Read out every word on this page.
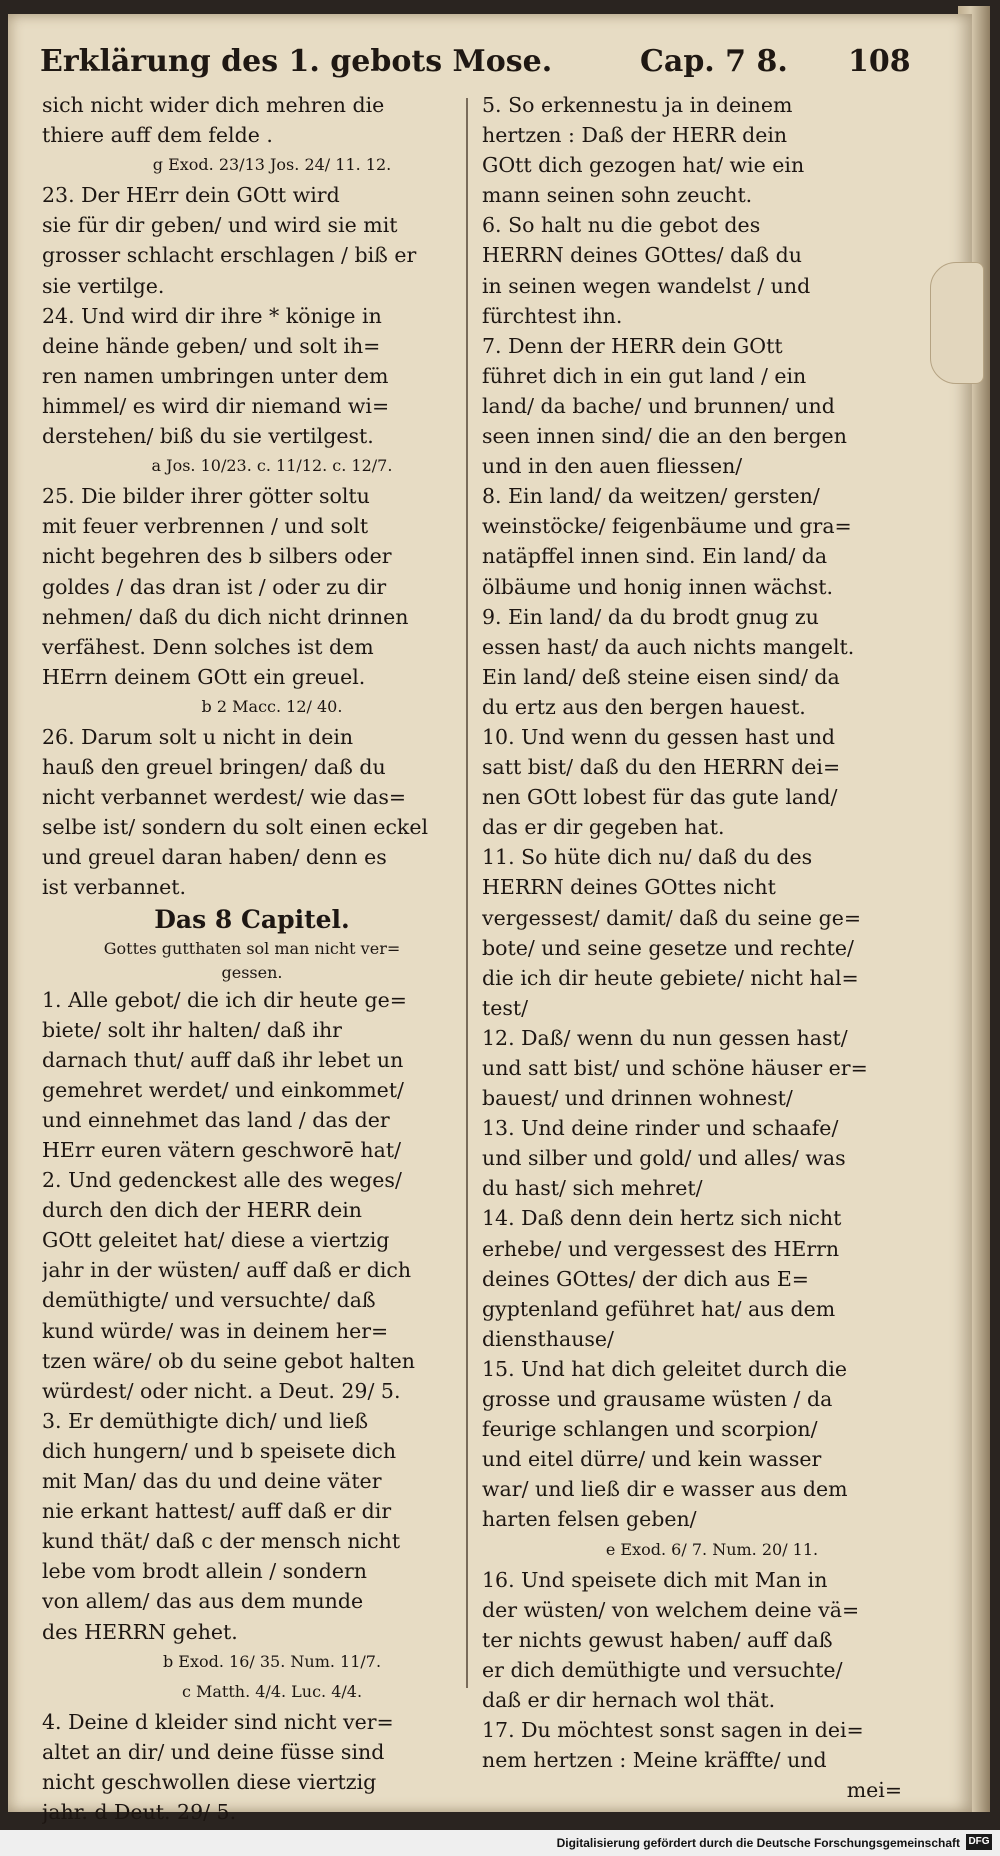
Erklärung des 1. gebots Mose.	Cap. 7 8. 108
sich nicht wider dich mehren die
thiere auff dem felde .
g Exod. 23/13 Jos. 24/ 11. 12.
23. Der HErr dein GOtt wird
sie für dir geben/ und wird sie mit
grosser schlacht erschlagen / biß er
sie vertilge.
24. Und wird dir ihre * könige in
deine hände geben/ und solt ih=
ren namen umbringen unter dem
himmel/ es wird dir niemand wi=
derstehen/ biß du sie vertilgest.
a Jos. 10/23. c. 11/12. c. 12/7.
25. Die bilder ihrer götter soltu
mit feuer verbrennen / und solt
nicht begehren des b silbers oder
goldes / das dran ist / oder zu dir
nehmen/ daß du dich nicht drinnen
verfähest. Denn solches ist dem
HErrn deinem GOtt ein greuel.
b 2 Macc. 12/ 40.
26. Darum solt u nicht in dein
hauß den greuel bringen/ daß du
nicht verbannet werdest/ wie das=
selbe ist/ sondern du solt einen eckel
und greuel daran haben/ denn es
ist verbannet.
Das 8 Capitel.
Gottes gutthaten sol man nicht ver=
gessen.
1. Alle gebot/ die ich dir heute ge=
biete/ solt ihr halten/ daß ihr
darnach thut/ auff daß ihr lebet un
gemehret werdet/ und einkommet/
und einnehmet das land / das der
HErr euren vätern geschworē hat/
2. Und gedenckest alle des weges/
durch den dich der HERR dein
GOtt geleitet hat/ diese a viertzig
jahr in der wüsten/ auff daß er dich
demüthigte/ und versuchte/ daß
kund würde/ was in deinem her=
tzen wäre/ ob du seine gebot halten
würdest/ oder nicht. a Deut. 29/ 5.
3. Er demüthigte dich/ und ließ
dich hungern/ und b speisete dich
mit Man/ das du und deine väter
nie erkant hattest/ auff daß er dir
kund thät/ daß c der mensch nicht
lebe vom brodt allein / sondern
von allem/ das aus dem munde
des HERRN gehet.
b Exod. 16/ 35. Num. 11/7.
c Matth. 4/4. Luc. 4/4.
4. Deine d kleider sind nicht ver=
altet an dir/ und deine füsse sind
nicht geschwollen diese viertzig
jahr. d Deut. 29/ 5.
5. So erkennestu ja in deinem
hertzen : Daß der HERR dein
GOtt dich gezogen hat/ wie ein
mann seinen sohn zeucht.
6. So halt nu die gebot des
HERRN deines GOttes/ daß du
in seinen wegen wandelst / und
fürchtest ihn.
7. Denn der HERR dein GOtt
führet dich in ein gut land / ein
land/ da bache/ und brunnen/ und
seen innen sind/ die an den bergen
und in den auen fliessen/
8. Ein land/ da weitzen/ gersten/
weinstöcke/ feigenbäume und gra=
natäpffel innen sind. Ein land/ da
ölbäume und honig innen wächst.
9. Ein land/ da du brodt gnug zu
essen hast/ da auch nichts mangelt.
Ein land/ deß steine eisen sind/ da
du ertz aus den bergen hauest.
10. Und wenn du gessen hast und
satt bist/ daß du den HERRN dei=
nen GOtt lobest für das gute land/
das er dir gegeben hat.
11. So hüte dich nu/ daß du des
HERRN deines GOttes nicht
vergessest/ damit/ daß du seine ge=
bote/ und seine gesetze und rechte/
die ich dir heute gebiete/ nicht hal=
test/
12. Daß/ wenn du nun gessen hast/
und satt bist/ und schöne häuser er=
bauest/ und drinnen wohnest/
13. Und deine rinder und schaafe/
und silber und gold/ und alles/ was
du hast/ sich mehret/
14. Daß denn dein hertz sich nicht
erhebe/ und vergessest des HErrn
deines GOttes/ der dich aus E=
gyptenland geführet hat/ aus dem
diensthause/
15. Und hat dich geleitet durch die
grosse und grausame wüsten / da
feurige schlangen und scorpion/
und eitel dürre/ und kein wasser
war/ und ließ dir e wasser aus dem
harten felsen geben/
e Exod. 6/ 7. Num. 20/ 11.
16. Und speisete dich mit Man in
der wüsten/ von welchem deine vä=
ter nichts gewust haben/ auff daß
er dich demüthigte und versuchte/
daß er dir hernach wol thät.
17. Du möchtest sonst sagen in dei=
nem hertzen : Meine kräffte/ und
mei=
Digitalisierung gefördert durch die Deutsche Forschungsgemeinschaft DFG
